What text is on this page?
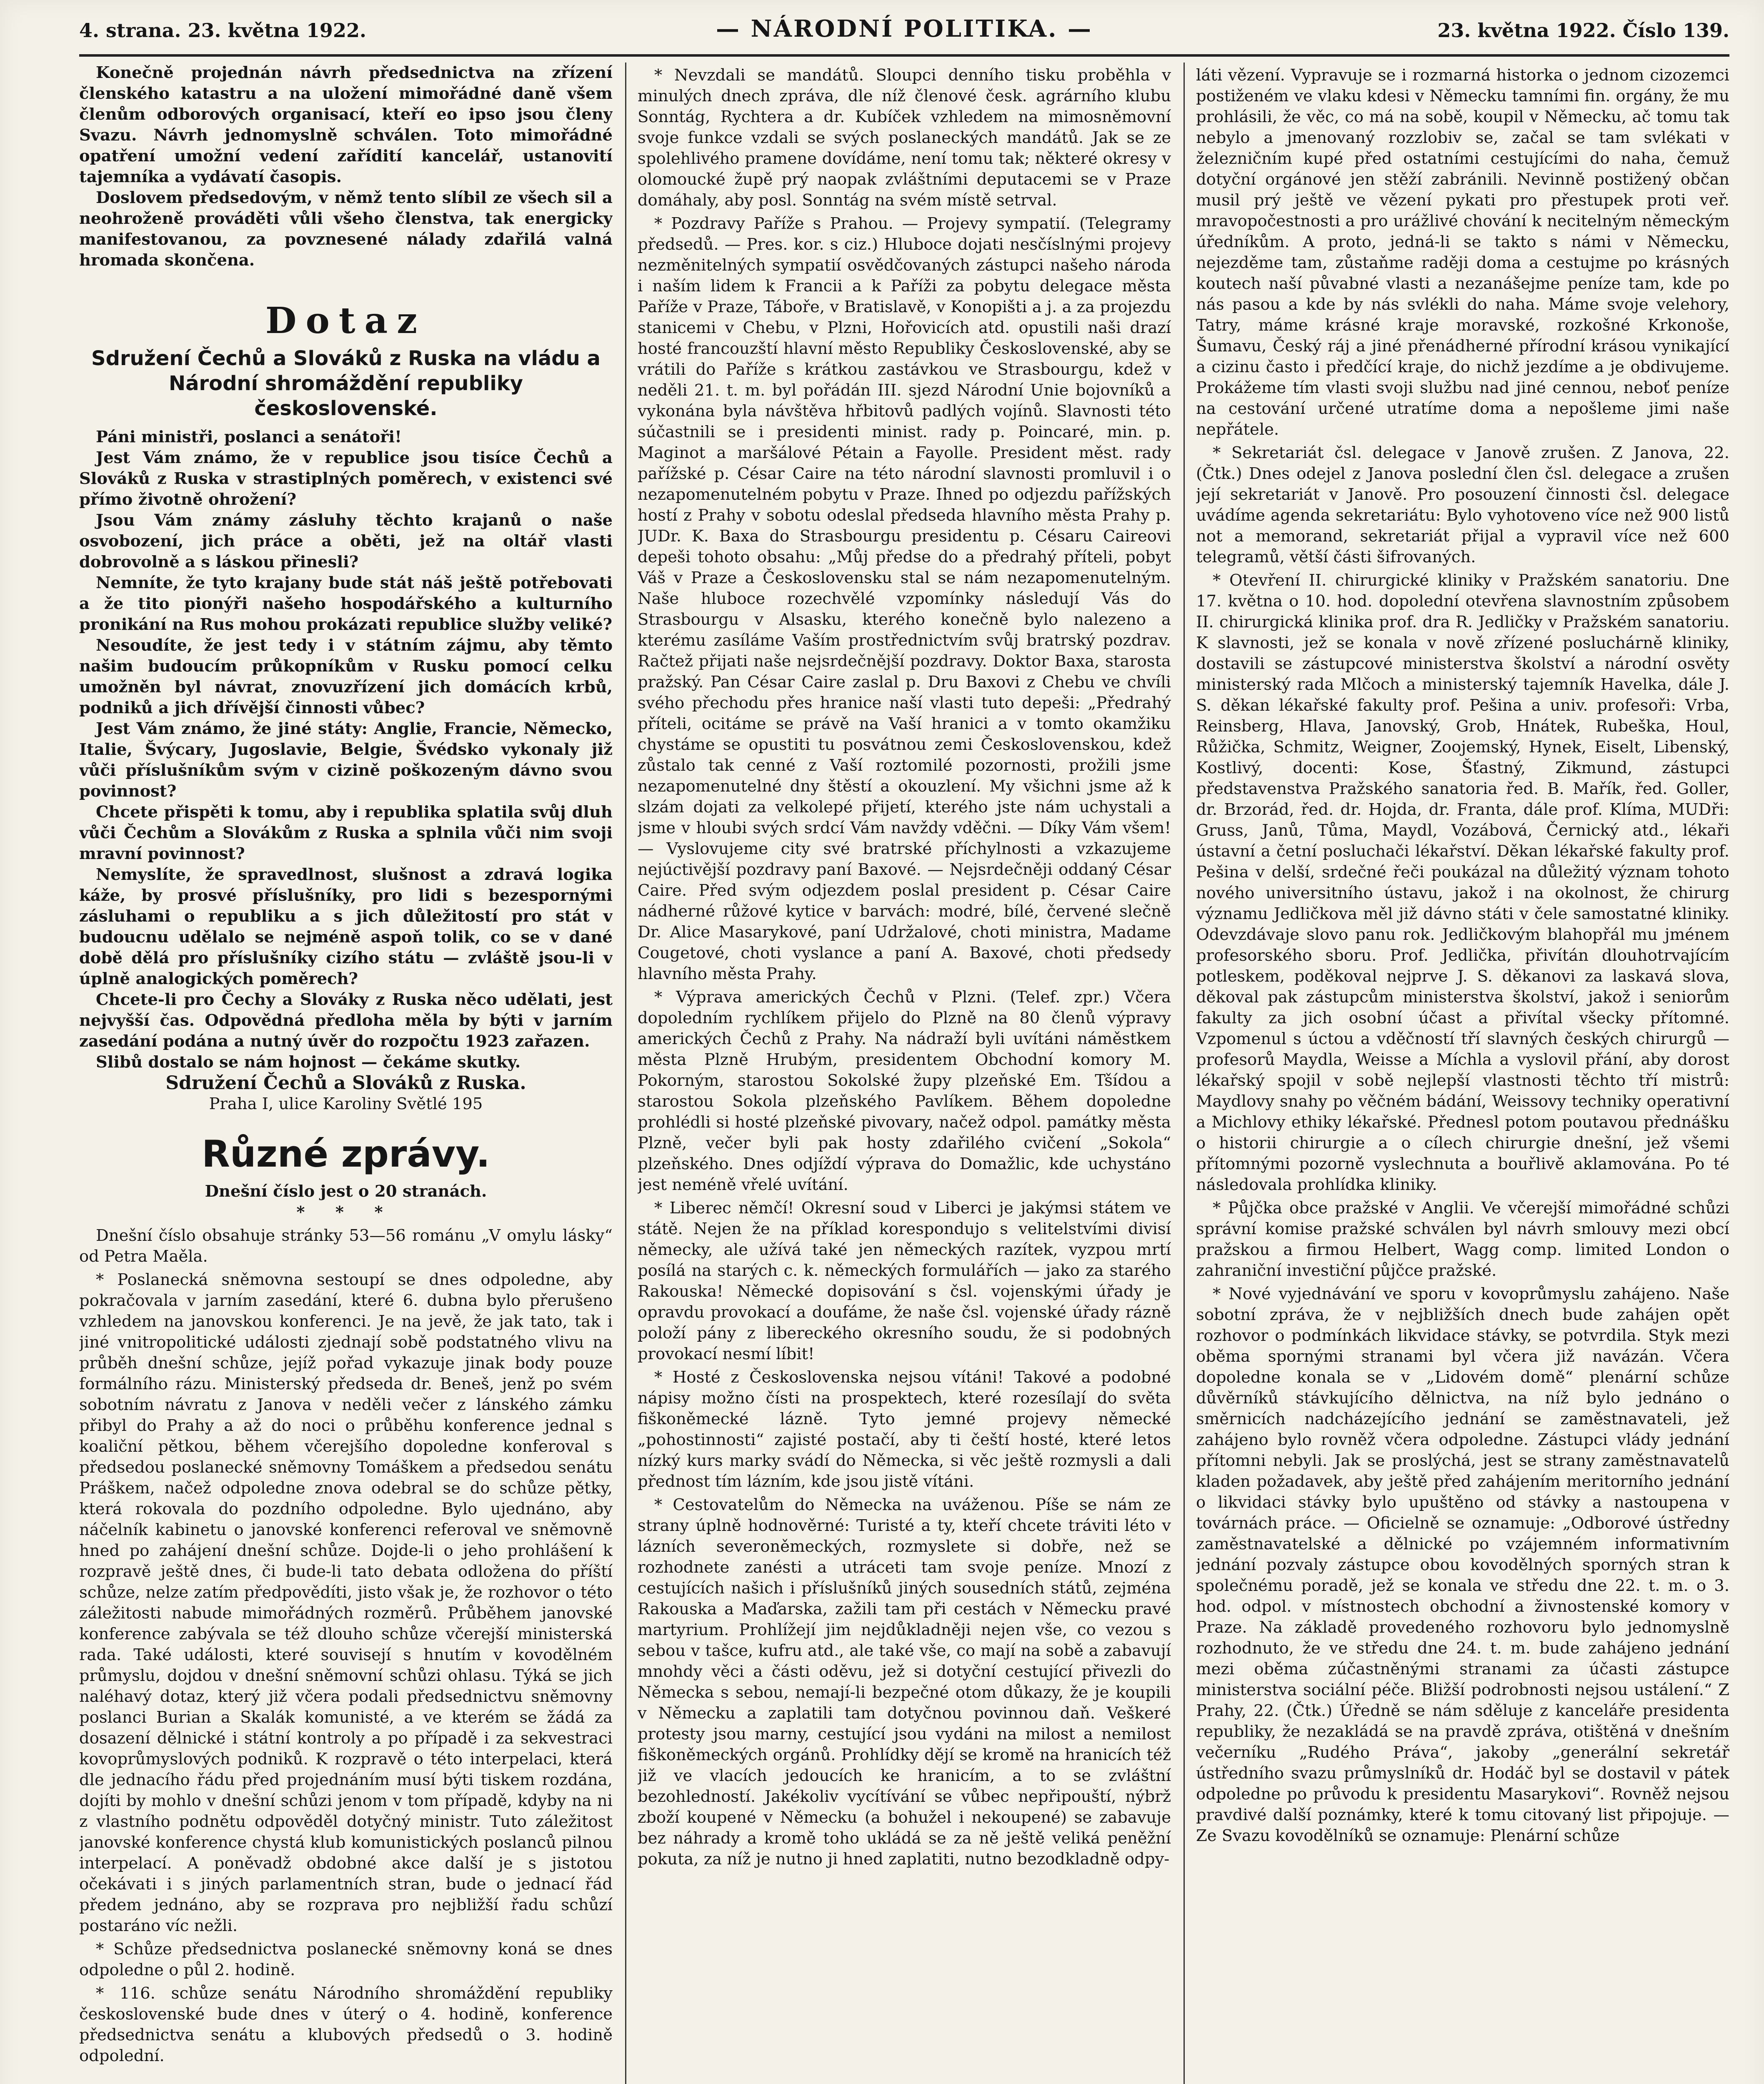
4. strana. 23. května 1922.	— NÁRODNÍ POLITIKA. —	23. května 1922. Číslo 139.

Konečně projednán návrh předsednictva na zřízení členského katastru a na uložení mimořádné daně všem členům odborových organisací, kteří eo ipso jsou členy Svazu. Návrh jednomyslně schválen. Toto mimořádné opatření umožní vedení zařídití kancelář, ustanovití tajemníka a vydávatí časopis.

Doslovem předsedovým, v němž tento slíbil ze všech sil a neohroženě prováděti vůli všeho členstva, tak energicky manifestovanou, za povznesené nálady zdařilá valná hromada skončena.

Dotaz
Sdružení Čechů a Slováků z Ruska na vládu a Národní shromáždění republiky československé.

Páni ministři, poslanci a senátoři!

Jest Vám známo, že v republice jsou tisíce Čechů a Slováků z Ruska v strastiplných poměrech, v existenci své přímo životně ohrožení?

Jsou Vám známy zásluhy těchto krajanů o naše osvobození, jich práce a oběti, jež na oltář vlasti dobrovolně a s láskou přinesli?

Nemníte, že tyto krajany bude stát náš ještě potřebovati a že tito pionýři našeho hospodářského a kulturního pronikání na Rus mohou prokázati republice služby veliké?

Nesoudíte, že jest tedy i v státním zájmu, aby těmto našim budoucím průkopníkům v Rusku pomocí celku umožněn byl návrat, znovuzřízení jich domácích krbů, podniků a jich dřívější činnosti vůbec?

Jest Vám známo, že jiné státy: Anglie, Francie, Německo, Italie, Švýcary, Jugoslavie, Belgie, Švédsko vykonaly již vůči příslušníkům svým v cizině poškozeným dávno svou povinnost?

Chcete přispěti k tomu, aby i republika splatila svůj dluh vůči Čechům a Slovákům z Ruska a splnila vůči nim svoji mravní povinnost?

Nemyslíte, že spravedlnost, slušnost a zdravá logika káže, by prosvé příslušníky, pro lidi s bezespornými zásluhami o republiku a s jich důležitostí pro stát v budoucnu udělalo se nejméně aspoň tolik, co se v dané době dělá pro příslušníky cizího státu — zvláště jsou-li v úplně analogických poměrech?

Chcete-li pro Čechy a Slováky z Ruska něco udělati, jest nejvyšší čas. Odpovědná předloha měla by býti v jarním zasedání podána a nutný úvěr do rozpočtu 1923 zařazen.

Slibů dostalo se nám hojnost — čekáme skutky.

Sdružení Čechů a Slováků z Ruska.

Praha I, ulice Karoliny Světlé 195

Různé zprávy.

Dnešní číslo jest o 20 stranách.

* * *

Dnešní číslo obsahuje stránky 53—56 románu „V omylu lásky“ od Petra Maěla.

* Poslanecká sněmovna sestoupí se dnes odpoledne, aby pokračovala v jarním zasedání, které 6. dubna bylo přerušeno vzhledem na janovskou konferenci. Je na jevě, že jak tato, tak i jiné vnitropolitické události zjednají sobě podstatného vlivu na průběh dnešní schůze, jejíž pořad vykazuje jinak body pouze formálního rázu. Ministerský předseda dr. Beneš, jenž po svém sobotním návratu z Janova v neděli večer z lánského zámku přibyl do Prahy a až do noci o průběhu konference jednal s koaliční pětkou, během včerejšího dopoledne konferoval s předsedou poslanecké sněmovny Tomáškem a předsedou senátu Práškem, načež odpoledne znova odebral se do schůze pětky, která rokovala do pozdního odpoledne. Bylo ujednáno, aby náčelník kabinetu o janovské konferenci referoval ve sněmovně hned po zahájení dnešní schůze. Dojde-li o jeho prohlášení k rozpravě ještě dnes, či bude-li tato debata odložena do příští schůze, nelze zatím předpovědíti, jisto však je, že rozhovor o této záležitosti nabude mimořádných rozměrů. Průběhem janovské konference zabývala se též dlouho schůze včerejší ministerská rada. Také události, které souvisejí s hnutím v kovodělném průmyslu, dojdou v dnešní sněmovní schůzi ohlasu. Týká se jich naléhavý dotaz, který již včera podali předsednictvu sněmovny poslanci Burian a Skalák komunisté, a ve kterém se žádá za dosazení dělnické i státní kontroly a po případě i za sekvestraci kovoprůmyslových podniků. K rozpravě o této interpelaci, která dle jednacího řádu před projednáním musí býti tiskem rozdána, dojíti by mohlo v dnešní schůzi jenom v tom případě, kdyby na ni z vlastního podnětu odpověděl dotyčný ministr. Tuto záležitost janovské konference chystá klub komunistických poslanců pilnou interpelací. A poněvadž obdobné akce další je s jistotou očekávati i s jiných parlamentních stran, bude o jednací řád předem jednáno, aby se rozprava pro nejbližší řadu schůzí postaráno víc nežli.

* Schůze předsednictva poslanecké sněmovny koná se dnes odpoledne o půl 2. hodině.

* 116. schůze senátu Národního shromáždění republiky československé bude dnes v úterý o 4. hodině, konference předsednictva senátu a klubových předsedů o 3. hodině odpolední.

* Nevzdali se mandátů. Sloupci denního tisku proběhla v minulých dnech zpráva, dle níž členové česk. agrárního klubu Sonntág, Rychtera a dr. Kubíček vzhledem na mimosněmovní svoje funkce vzdali se svých poslaneckých mandátů. Jak se ze spolehlivého pramene dovídáme, není tomu tak; některé okresy v olomoucké župě prý naopak zvláštními deputacemi se v Praze domáhaly, aby posl. Sonntág na svém místě setrval.

* Pozdravy Paříže s Prahou. — Projevy sympatií. (Telegramy předsedů. — Pres. kor. s ciz.) Hluboce dojati nesčíslnými projevy nezměnitelných sympatií osvědčovaných zástupci našeho národa i naším lidem k Francii a k Paříži za pobytu delegace města Paříže v Praze, Táboře, v Bratislavě, v Konopišti a j. a za projezdu stanicemi v Chebu, v Plzni, Hořovicích atd. opustili naši drazí hosté francouzští hlavní město Republiky Československé, aby se vrátili do Paříže s krátkou zastávkou ve Strasbourgu, kdež v neděli 21. t. m. byl pořádán III. sjezd Národní Unie bojovníků a vykonána byla návštěva hřbitovů padlých vojínů. Slavnosti této súčastnili se i presidenti minist. rady p. Poincaré, min. p. Maginot a maršálové Pétain a Fayolle. President měst. rady pařížské p. César Caire na této národní slavnosti promluvil i o nezapomenutelném pobytu v Praze. Ihned po odjezdu pařížských hostí z Prahy v sobotu odeslal předseda hlavního města Prahy p. JUDr. K. Baxa do Strasbourgu presidentu p. Césaru Caireovi depeši tohoto obsahu: „Můj předse do a předrahý příteli, pobyt Váš v Praze a Československu stal se nám nezapomenutelným. Naše hluboce rozechvělé vzpomínky následují Vás do Strasbourgu v Alsasku, kterého konečně bylo nalezeno a kterému zasíláme Vaším prostřednictvím svůj bratrský pozdrav. Račtež přijati naše nejsrdečnější pozdravy. Doktor Baxa, starosta pražský. Pan César Caire zaslal p. Dru Baxovi z Chebu ve chvíli svého přechodu přes hranice naší vlasti tuto depeši: „Předrahý příteli, ocitáme se právě na Vaší hranici a v tomto okamžiku chystáme se opustiti tu posvátnou zemi Československou, kdež zůstalo tak cenné z Vaší roztomilé pozornosti, prožili jsme nezapomenutelné dny štěstí a okouzlení. My všichni jsme až k slzám dojati za velkolepé přijetí, kterého jste nám uchystali a jsme v hloubi svých srdcí Vám navždy vděčni. — Díky Vám všem! — Vyslovujeme city své bratrské příchylnosti a vzkazujeme nejúctivější pozdravy paní Baxové. — Nejsrdečněji oddaný César Caire. Před svým odjezdem poslal president p. César Caire nádherné růžové kytice v barvách: modré, bílé, červené slečně Dr. Alice Masarykové, paní Udržalové, choti ministra, Madame Cougetové, choti vyslance a paní A. Baxové, choti předsedy hlavního města Prahy.

* Výprava amerických Čechů v Plzni. (Telef. zpr.) Včera dopoledním rychlíkem přijelo do Plzně na 80 členů výpravy amerických Čechů z Prahy. Na nádraží byli uvítáni náměstkem města Plzně Hrubým, presidentem Obchodní komory M. Pokorným, starostou Sokolské župy plzeňské Em. Tšídou a starostou Sokola plzeňského Pavlíkem. Během dopoledne prohlédli si hosté plzeňské pivovary, načež odpol. památky města Plzně, večer byli pak hosty zdařilého cvičení „Sokola“ plzeňského. Dnes odjíždí výprava do Domažlic, kde uchystáno jest neméně vřelé uvítání.

* Liberec němčí! Okresní soud v Liberci je jakýmsi státem ve státě. Nejen že na příklad korespondujo s velitelstvími divisí německy, ale užívá také jen německých razítek, vyzpou mrtí posílá na starých c. k. německých formulářích — jako za starého Rakouska! Německé dopisování s čsl. vojenskými úřady je opravdu provokací a doufáme, že naše čsl. vojenské úřady rázně položí pány z libereckého okresního soudu, že si podobných provokací nesmí líbit!

* Hosté z Československa nejsou vítáni! Takové a podobné nápisy možno čísti na prospektech, které rozesílají do světa fiškoněmecké lázně. Tyto jemné projevy německé „pohostinnosti“ zajisté postačí, aby ti čeští hosté, které letos nízký kurs marky svádí do Německa, si věc ještě rozmysli a dali přednost tím lázním, kde jsou jistě vítáni.

* Cestovatelům do Německa na uváženou. Píše se nám ze strany úplně hodnověrné: Turisté a ty, kteří chcete tráviti léto v lázních severoněmeckých, rozmyslete si dobře, než se rozhodnete zanésti a utráceti tam svoje peníze. Mnozí z cestujících našich i příslušníků jiných sousedních států, zejména Rakouska a Maďarska, zažili tam při cestách v Německu pravé martyrium. Prohlížejí jim nejdůkladněji nejen vše, co vezou s sebou v tašce, kufru atd., ale také vše, co mají na sobě a zabavují mnohdy věci a části oděvu, jež si dotyční cestující přivezli do Německa s sebou, nemají-li bezpečné otom důkazy, že je koupili v Německu a zaplatili tam dotyčnou povinnou daň. Veškeré protesty jsou marny, cestující jsou vydáni na milost a nemilost fiškoněmeckých orgánů. Prohlídky dějí se kromě na hranicích též již ve vlacích jedoucích ke hranicím, a to se zvláštní bezohledností. Jakékoliv vycítívání se vůbec nepřipouští, nýbrž zboží koupené v Německu (a bohužel i nekoupené) se zabavuje bez náhrady a kromě toho ukládá se za ně ještě veliká peněžní pokuta, za níž je nutno ji hned zaplatiti, nutno bezodkladně odpy-

láti vězení. Vypravuje se i rozmarná historka o jednom cizozemci postiženém ve vlaku kdesi v Německu tamními fin. orgány, že mu prohlásili, že věc, co má na sobě, koupil v Německu, ač tomu tak nebylo a jmenovaný rozzlobiv se, začal se tam svlékati v železničním kupé před ostatními cestujícími do naha, čemuž dotyční orgánové jen stěží zabránili. Nevinně postižený občan musil prý ještě ve vězení pykati pro přestupek proti veř. mravopočestnosti a pro urážlivé chování k necitelným německým úředníkům. A proto, jedná-li se takto s námi v Německu, nejezděme tam, zůstaňme raději doma a cestujme po krásných koutech naší půvabné vlasti a nezanášejme peníze tam, kde po nás pasou a kde by nás svlékli do naha. Máme svoje velehory, Tatry, máme krásné kraje moravské, rozkošné Krkonoše, Šumavu, Český ráj a jiné přenádherné přírodní krásou vynikající a cizinu často i předčící kraje, do nichž jezdíme a je obdivujeme. Prokážeme tím vlasti svoji službu nad jiné cennou, neboť peníze na cestování určené utratíme doma a nepošleme jimi naše nepřátele.

* Sekretariát čsl. delegace v Janově zrušen. Z Janova, 22. (Čtk.) Dnes odejel z Janova poslední člen čsl. delegace a zrušen její sekretariát v Janově. Pro posouzení činnosti čsl. delegace uvádíme agenda sekretariátu: Bylo vyhotoveno více než 900 listů not a memorand, sekretariát přijal a vypravil více než 600 telegramů, větší části šifrovaných.

* Otevření II. chirurgické kliniky v Pražském sanatoriu. Dne 17. května o 10. hod. dopolední otevřena slavnostním způsobem II. chirurgická klinika prof. dra R. Jedličky v Pražském sanatoriu. K slavnosti, jež se konala v nově zřízené posluchárně kliniky, dostavili se zástupcové ministerstva školství a národní osvěty ministerský rada Mlčoch a ministerský tajemník Havelka, dále J. S. děkan lékařské fakulty prof. Pešina a univ. profesoři: Vrba, Reinsberg, Hlava, Janovský, Grob, Hnátek, Rubeška, Houl, Růžička, Schmitz, Weigner, Zoojemský, Hynek, Eiselt, Libenský, Kostlivý, docenti: Kose, Šťastný, Zikmund, zástupci představenstva Pražského sanatoria řed. B. Mařík, řed. Goller, dr. Brzorád, řed. dr. Hojda, dr. Franta, dále prof. Klíma, MUDři: Gruss, Janů, Tůma, Maydl, Vozábová, Černický atd., lékaři ústavní a četní posluchači lékařství. Děkan lékařské fakulty prof. Pešina v delší, srdečné řeči poukázal na důležitý význam tohoto nového universitního ústavu, jakož i na okolnost, že chirurg významu Jedličkova měl již dávno státi v čele samostatné kliniky. Odevzdávaje slovo panu rok. Jedličkovým blahopřál mu jménem profesorského sboru. Prof. Jedlička, přivítán dlouhotrvajícím potleskem, poděkoval nejprve J. S. děkanovi za laskavá slova, děkoval pak zástupcům ministerstva školství, jakož i seniorům fakulty za jich osobní účast a přivítal všecky přítomné. Vzpomenul s úctou a vděčností tří slavných českých chirurgů — profesorů Maydla, Weisse a Míchla a vyslovil přání, aby dorost lékařský spojil v sobě nejlepší vlastnosti těchto tří mistrů: Maydlovy snahy po věčném bádání, Weissovy techniky operativní a Michlovy ethiky lékařské. Přednesl potom poutavou přednášku o historii chirurgie a o cílech chirurgie dnešní, jež všemi přítomnými pozorně vyslechnuta a bouřlivě aklamována. Po té následovala prohlídka kliniky.

* Půjčka obce pražské v Anglii. Ve včerejší mimořádné schůzi správní komise pražské schválen byl návrh smlouvy mezi obcí pražskou a firmou Helbert, Wagg comp. limited London o zahraniční investiční půjčce pražské.

* Nové vyjednávání ve sporu v kovoprůmyslu zahájeno. Naše sobotní zpráva, že v nejbližších dnech bude zahájen opět rozhovor o podmínkách likvidace stávky, se potvrdila. Styk mezi oběma spornými stranami byl včera již navázán. Včera dopoledne konala se v „Lidovém domě“ plenární schůze důvěrníků stávkujícího dělnictva, na níž bylo jednáno o směrnicích nadcházejícího jednání se zaměstnavateli, jež zahájeno bylo rovněž včera odpoledne. Zástupci vlády jednání přítomni nebyli. Jak se proslýchá, jest se strany zaměstnavatelů kladen požadavek, aby ještě před zahájením meritorního jednání o likvidaci stávky bylo upuštěno od stávky a nastoupena v továrnách práce. — Oficielně se oznamuje: „Odborové ústředny zaměstnavatelské a dělnické po vzájemném informativním jednání pozvaly zástupce obou kovodělných sporných stran k společnému poradě, jež se konala ve středu dne 22. t. m. o 3. hod. odpol. v místnostech obchodní a živnostenské komory v Praze. Na základě provedeného rozhovoru bylo jednomyslně rozhodnuto, že ve středu dne 24. t. m. bude zahájeno jednání mezi oběma zúčastněnými stranami za účasti zástupce ministerstva sociální péče. Bližší podrobnosti nejsou ustálení.“ Z Prahy, 22. (Čtk.) Úředně se nám sděluje z kanceláře presidenta republiky, že nezakládá se na pravdě zpráva, otištěná v dnešním večerníku „Rudého Práva“, jakoby „generální sekretář ústředního svazu průmyslníků dr. Hodáč byl se dostavil v pátek odpoledne po průvodu k presidentu Masarykovi“. Rovněž nejsou pravdivé další poznámky, které k tomu citovaný list připojuje. — Ze Svazu kovodělníků se oznamuje: Plenární schůze
